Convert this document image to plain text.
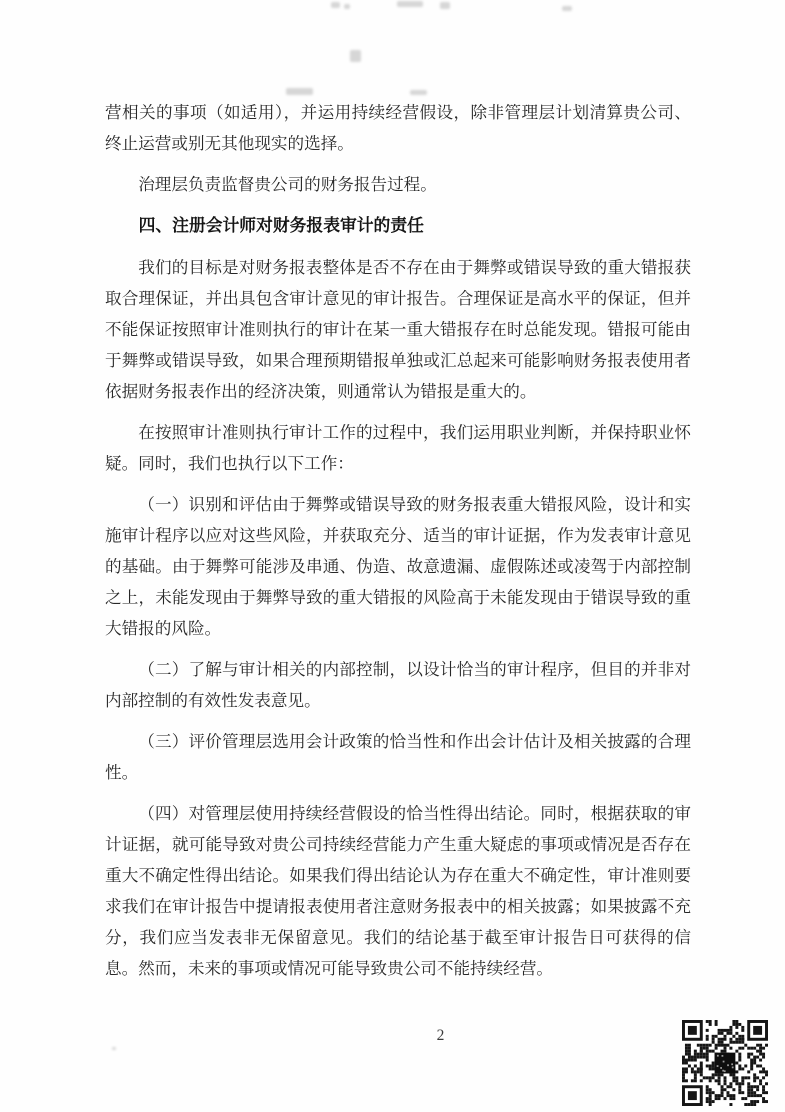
营相关的事项（如适用），并运用持续经营假设，除非管理层计划清算贵公司、终止运营或别无其他现实的选择。

治理层负责监督贵公司的财务报告过程。

四、注册会计师对财务报表审计的责任

我们的目标是对财务报表整体是否不存在由于舞弊或错误导致的重大错报获取合理保证，并出具包含审计意见的审计报告。合理保证是高水平的保证，但并不能保证按照审计准则执行的审计在某一重大错报存在时总能发现。错报可能由于舞弊或错误导致，如果合理预期错报单独或汇总起来可能影响财务报表使用者依据财务报表作出的经济决策，则通常认为错报是重大的。

在按照审计准则执行审计工作的过程中，我们运用职业判断，并保持职业怀疑。同时，我们也执行以下工作：

（一）识别和评估由于舞弊或错误导致的财务报表重大错报风险，设计和实施审计程序以应对这些风险，并获取充分、适当的审计证据，作为发表审计意见的基础。由于舞弊可能涉及串通、伪造、故意遗漏、虚假陈述或凌驾于内部控制之上，未能发现由于舞弊导致的重大错报的风险高于未能发现由于错误导致的重大错报的风险。

（二）了解与审计相关的内部控制，以设计恰当的审计程序，但目的并非对内部控制的有效性发表意见。

（三）评价管理层选用会计政策的恰当性和作出会计估计及相关披露的合理性。

（四）对管理层使用持续经营假设的恰当性得出结论。同时，根据获取的审计证据，就可能导致对贵公司持续经营能力产生重大疑虑的事项或情况是否存在重大不确定性得出结论。如果我们得出结论认为存在重大不确定性，审计准则要求我们在审计报告中提请报表使用者注意财务报表中的相关披露；如果披露不充分，我们应当发表非无保留意见。我们的结论基于截至审计报告日可获得的信息。然而，未来的事项或情况可能导致贵公司不能持续经营。

2
